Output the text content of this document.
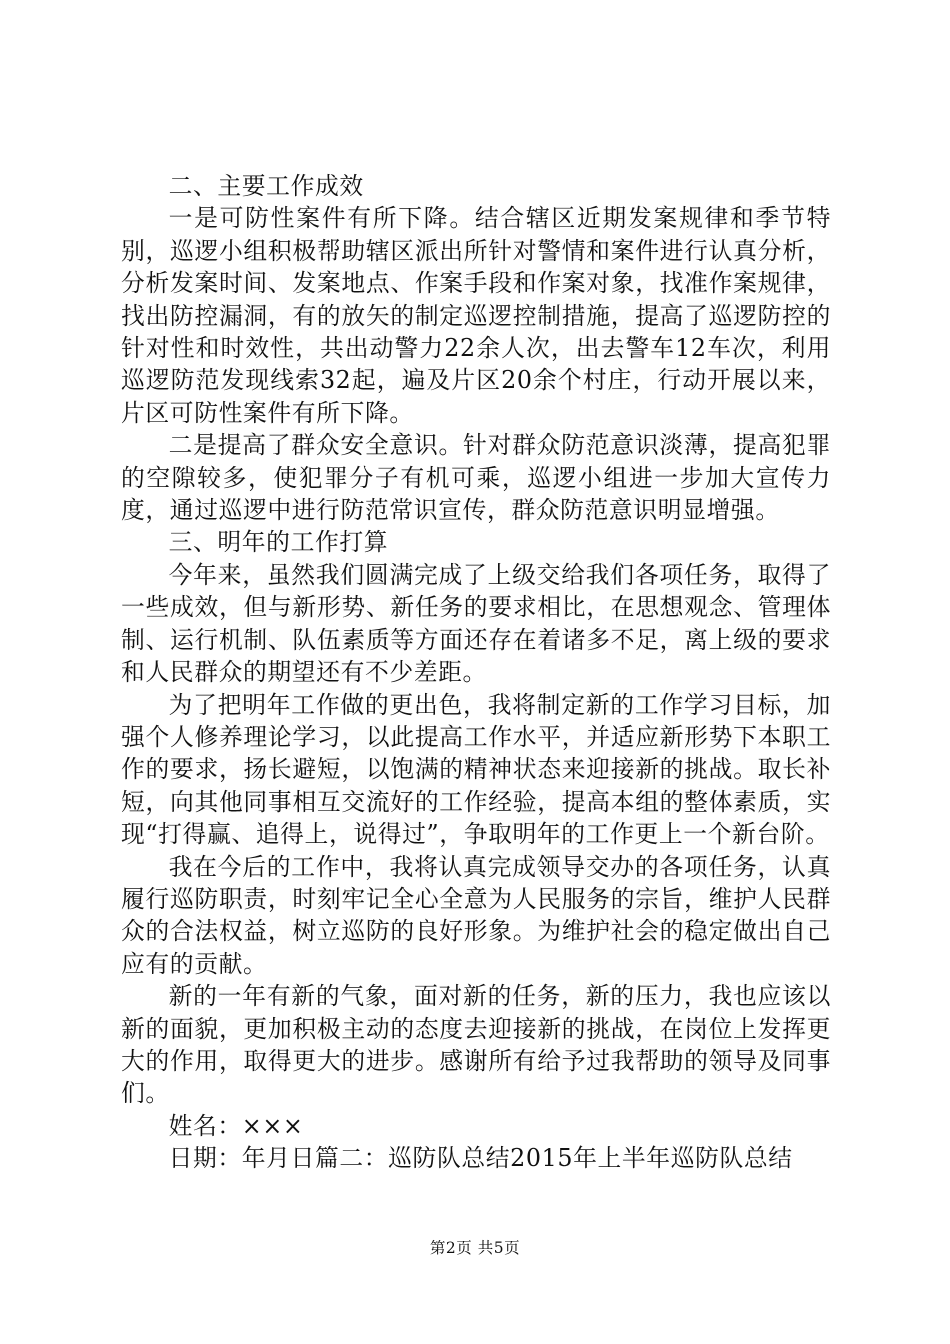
二、主要工作成效

一是可防性案件有所下降。结合辖区近期发案规律和季节特别，巡逻小组积极帮助辖区派出所针对警情和案件进行认真分析，分析发案时间、发案地点、作案手段和作案对象，找准作案规律，找出防控漏洞，有的放矢的制定巡逻控制措施，提高了巡逻防控的针对性和时效性，共出动警力22余人次，出去警车12车次，利用巡逻防范发现线索32起，遍及片区20余个村庄，行动开展以来，片区可防性案件有所下降。

二是提高了群众安全意识。针对群众防范意识淡薄，提高犯罪的空隙较多，使犯罪分子有机可乘，巡逻小组进一步加大宣传力度，通过巡逻中进行防范常识宣传，群众防范意识明显增强。

三、明年的工作打算

今年来，虽然我们圆满完成了上级交给我们各项任务，取得了一些成效，但与新形势、新任务的要求相比，在思想观念、管理体制、运行机制、队伍素质等方面还存在着诸多不足，离上级的要求和人民群众的期望还有不少差距。

为了把明年工作做的更出色，我将制定新的工作学习目标，加强个人修养理论学习，以此提高工作水平，并适应新形势下本职工作的要求，扬长避短，以饱满的精神状态来迎接新的挑战。取长补短，向其他同事相互交流好的工作经验，提高本组的整体素质，实现“打得赢、追得上，说得过”，争取明年的工作更上一个新台阶。

我在今后的工作中，我将认真完成领导交办的各项任务，认真履行巡防职责，时刻牢记全心全意为人民服务的宗旨，维护人民群众的合法权益，树立巡防的良好形象。为维护社会的稳定做出自己应有的贡献。

新的一年有新的气象，面对新的任务，新的压力，我也应该以新的面貌，更加积极主动的态度去迎接新的挑战，在岗位上发挥更大的作用，取得更大的进步。感谢所有给予过我帮助的领导及同事们。

姓名：×××

日期：年月日篇二：巡防队总结2015年上半年巡防队总结

第2页 共5页
